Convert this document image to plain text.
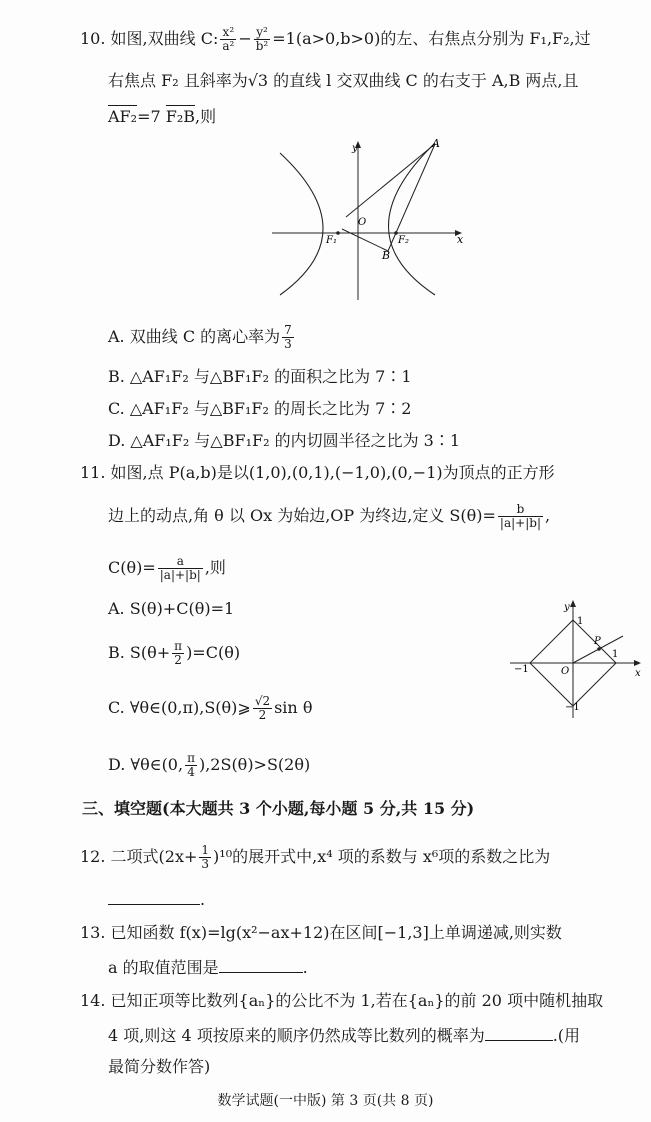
10. 如图,双曲线 C: $\frac{\text{x²}}{\text{a²}} - \frac{\text{y²}}{\text{b²}} =1(a>0,b>0)$的左、右焦点分别为 F₁,F₂,过
右焦点 F₂ 且斜率为√3 的直线 l 交双曲线 C 的右支于 A,B 两点,且
AF₂=7 F₂B,则
y
x
A
B
O
F₁	F₂
A. 双曲线 C 的离心率为 $\frac{7}{3}$
B. △AF₁F₂ 与△BF₁F₂ 的面积之比为 7∶1
C. △AF₁F₂ 与△BF₁F₂ 的周长之比为 7∶2
D. △AF₁F₂ 与△BF₁F₂ 的内切圆半径之比为 3∶1
11. 如图,点 P(a,b)是以(1,0),(0,1),(−1,0),(0,−1)为顶点的正方形
边上的动点,角 θ 以 Ox 为始边,OP 为终边,定义 $S(\theta)= \frac{b}{|a|+|b|}$ ,
$C(\theta)= \frac{a}{|a|+|b|}$ ,则
A. S(θ)+C(θ)=1
B. $S(\theta+ \frac{\pi}{2} )=C(\theta)$
C. ∀θ∈(0,π),S(θ)⩾ $\frac{√2}{2}$ sin θ
D. ∀θ∈(0, $\frac{\pi}{4} ),2S(\theta)>S(2\theta)$
y
x
1
1
−1
−1
O
P
三、填空题(本大题共 3 个小题,每小题 5 分,共 15 分)
12. 二项式$(2x+ \frac{1}{3} )^{10}$的展开式中,x⁴ 项的系数与 x⁶项的系数之比为
.
13. 已知函数 f(x)=lg(x²−ax+12)在区间[−1,3]上单调递减,则实数
a 的取值范围是	.
14. 已知正项等比数列{aₙ}的公比不为 1,若在{aₙ}的前 20 项中随机抽取
4 项,则这 4 项按原来的顺序仍然成等比数列的概率为	.(用
最简分数作答)
数学试题(一中版) 第 3 页(共 8 页)
